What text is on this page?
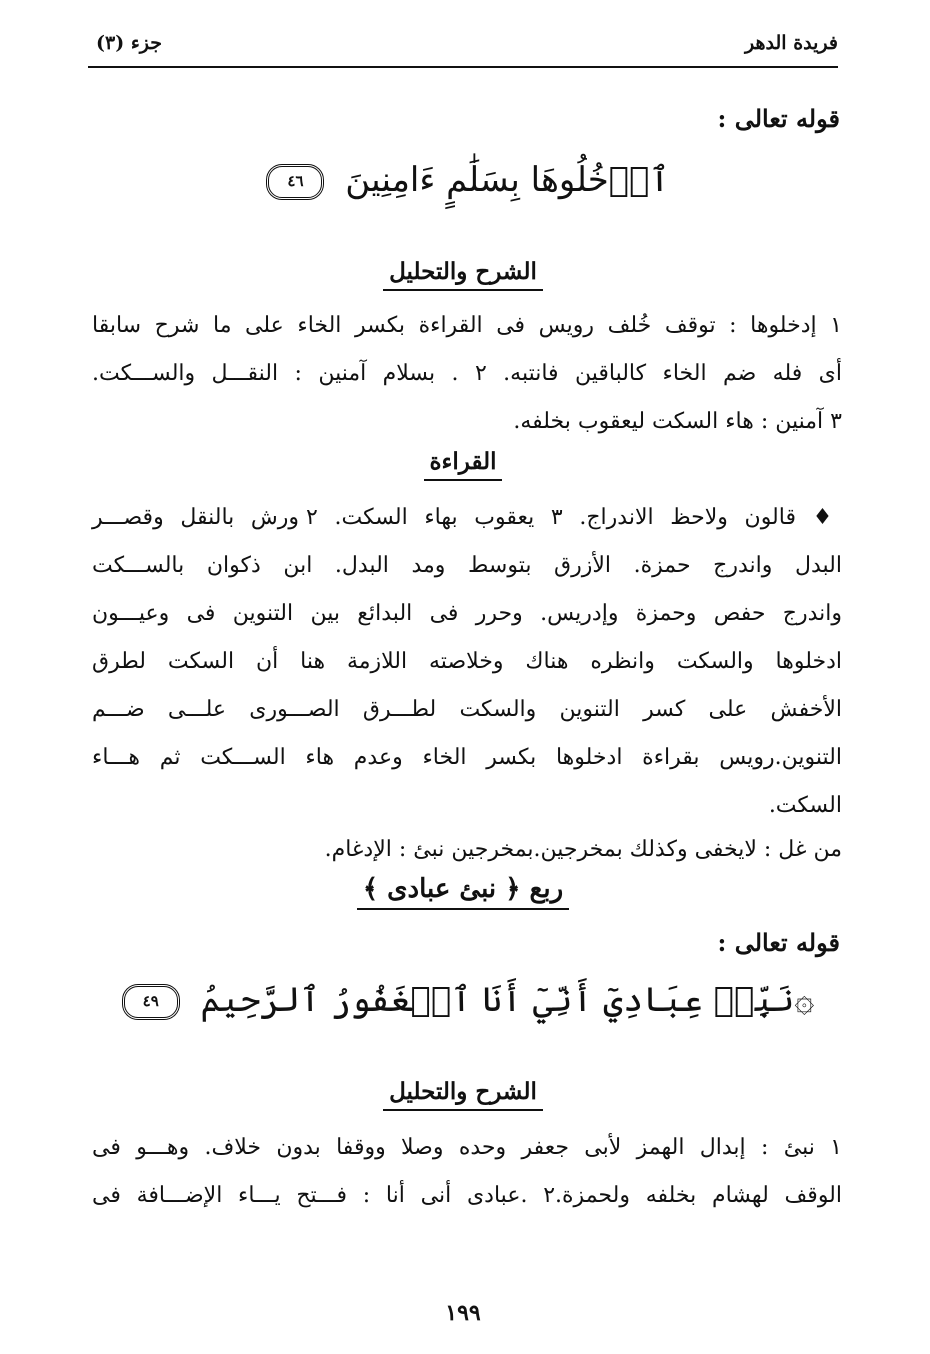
فريدة الدهر
جزء (٣)
قوله تعالى :
ٱدۡخُلُوهَا بِسَلَٰمٍ ءَامِنِينَ ٤٦
الشرح والتحليل
١ إدخلوها : توقف خُلف رويس فى القراءة بكسر الخاء على ما شرح سابقا
أى فله ضم الخاء كالباقين فانتبه. ٢ . بسلام آمنين : النقـــل والســـكت.
٣ آمنين : هاء السكت ليعقوب بخلفه.
القراءة
♦ قالون ولاحظ الاندراج. ٣ يعقوب بهاء السكت. ٢ ورش بالنقل وقصـــر
البدل واندرج حمزة. الأزرق بتوسط ومد البدل. ابن ذكوان بالســـكت
واندرج حفص وحمزة وإدريس. وحرر فى البدائع بين التنوين فى وعيـــون
ادخلوها والسكت وانظره هناك وخلاصته اللازمة هنا أن السكت لطرق
الأخفش على كسر التنوين والسكت لطـــرق الصـــورى علـــى ضـــم
التنوين.رويس بقراءة ادخلوها بكسر الخاء وعدم هاء الســـكت ثم هـــاء
السكت.
من غل : لايخفى وكذلك بمخرجين.بمخرجين نبئ : الإدغام.
ربع ﴿ نبئ عبادى ﴾
قوله تعالى :
۞نَبِّئۡ عِبَادِيٓ أَنِّيٓ أَنَا ٱلۡغَفُورُ ٱلرَّحِيمُ ٤٩
الشرح والتحليل
١ نبئ : إبدال الهمز لأبى جعفر وحده وصلا ووقفا بدون خلاف. وهـــو فى
الوقف لهشام بخلفه ولحمزة.٢ .عبادى أنى أنا : فـــتح يـــاء الإضـــافة فى
١٩٩
